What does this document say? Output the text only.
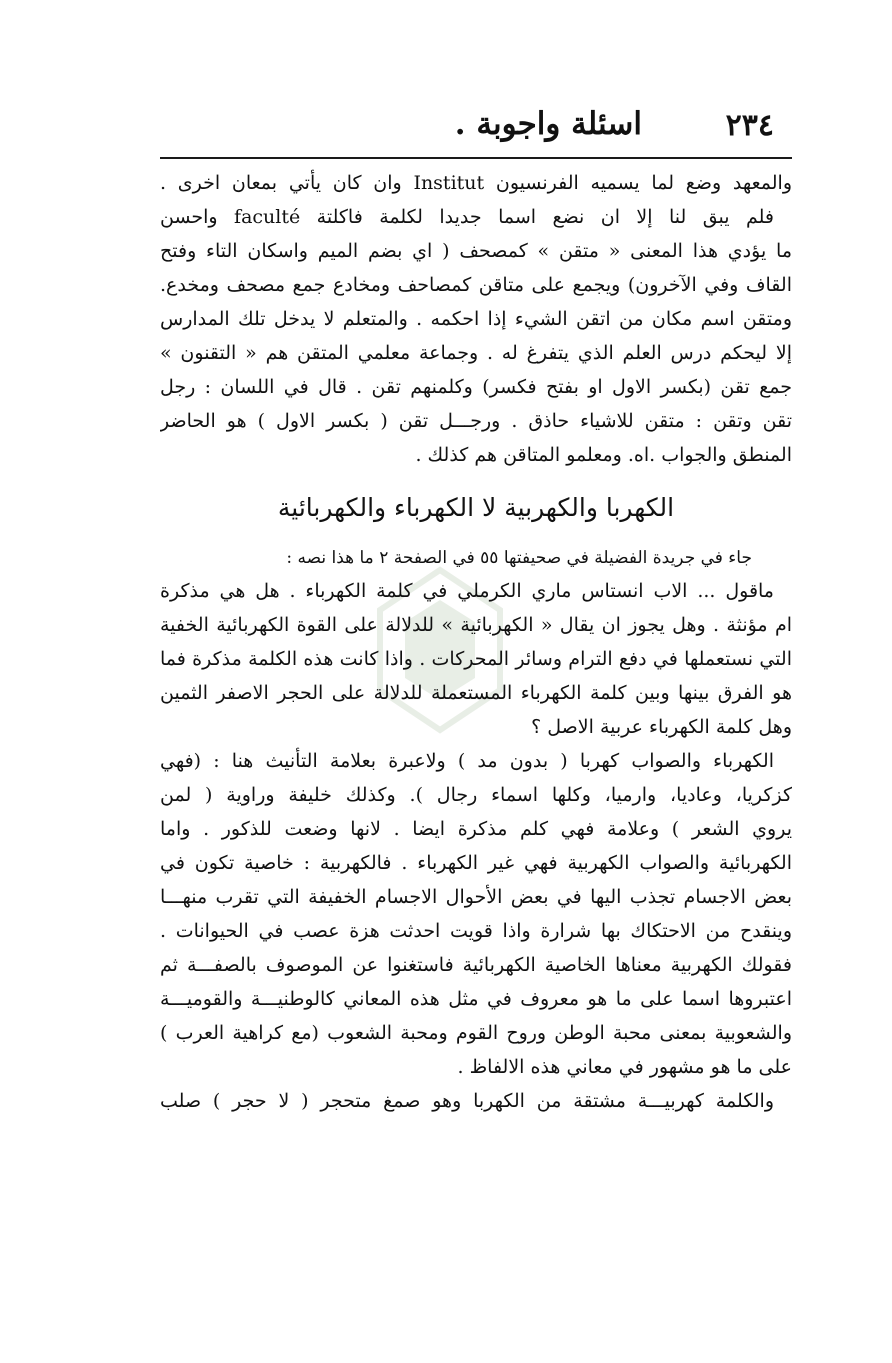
٢٣٤
اسئلة واجوبة .
والمعهد وضع لما يسميه الفرنسيون Institut وان كان يأتي بمعان اخرى .
فلم يبق لنا إلا ان نضع اسما جديدا لكلمة فاكلتة faculté واحسن
ما يؤدي هذا المعنى « متقن » كمصحف ( اي بضم الميم واسكان التاء وفتح
القاف وفي الآخرون) ويجمع على متاقن كمصاحف ومخادع جمع مصحف ومخدع.
ومتقن اسم مكان من اتقن الشيء إذا احكمه . والمتعلم لا يدخل تلك المدارس
إلا ليحكم درس العلم الذي يتفرغ له . وجماعة معلمي المتقن هم « التقنون »
جمع تقن (بكسر الاول او بفتح فكسر) وكلمنهم تقن . قال في اللسان : رجل
تقن وتقن : متقن للاشياء حاذق . ورجـــل تقن ( بكسر الاول ) هو الحاضر
المنطق والجواب .اه. ومعلمو المتاقن هم كذلك .
الكهربا والكهربية لا الكهرباء والكهربائية
جاء في جريدة الفضيلة في صحيفتها ٥٥ في الصفحة ٢ ما هذا نصه :
ماقول ... الاب انستاس ماري الكرملي في كلمة الكهرباء . هل هي مذكرة
ام مؤنثة . وهل يجوز ان يقال « الكهربائية » للدلالة على القوة الكهربائية الخفية
التي نستعملها في دفع الترام وسائر المحركات . واذا كانت هذه الكلمة مذكرة فما
هو الفرق بينها وبين كلمة الكهرباء المستعملة للدلالة على الحجر الاصفر الثمين
وهل كلمة الكهرباء عربية الاصل ؟
الكهرباء والصواب كهربا ( بدون مد ) ولاعبرة بعلامة التأنيث هنا : (فهي
كزكريا، وعاديا، وارميا، وكلها اسماء رجال ). وكذلك خليفة وراوية ( لمن
يروي الشعر ) وعلامة فهي كلم مذكرة ايضا . لانها وضعت للذكور . واما
الكهربائية والصواب الكهربية فهي غير الكهرباء . فالكهربية : خاصية تكون في
بعض الاجسام تجذب اليها في بعض الأحوال الاجسام الخفيفة التي تقرب منهـــا
وينقدح من الاحتكاك بها شرارة واذا قويت احدثت هزة عصب في الحيوانات .
فقولك الكهربية معناها الخاصية الكهربائية فاستغنوا عن الموصوف بالصفـــة ثم
اعتبروها اسما على ما هو معروف في مثل هذه المعاني كالوطنيـــة والقوميـــة
والشعوبية بمعنى محبة الوطن وروح القوم ومحبة الشعوب (مع كراهية العرب )
على ما هو مشهور في معاني هذه الالفاظ .
والكلمة كهربيـــة مشتقة من الكهربا وهو صمغ متحجر ( لا حجر ) صلب
